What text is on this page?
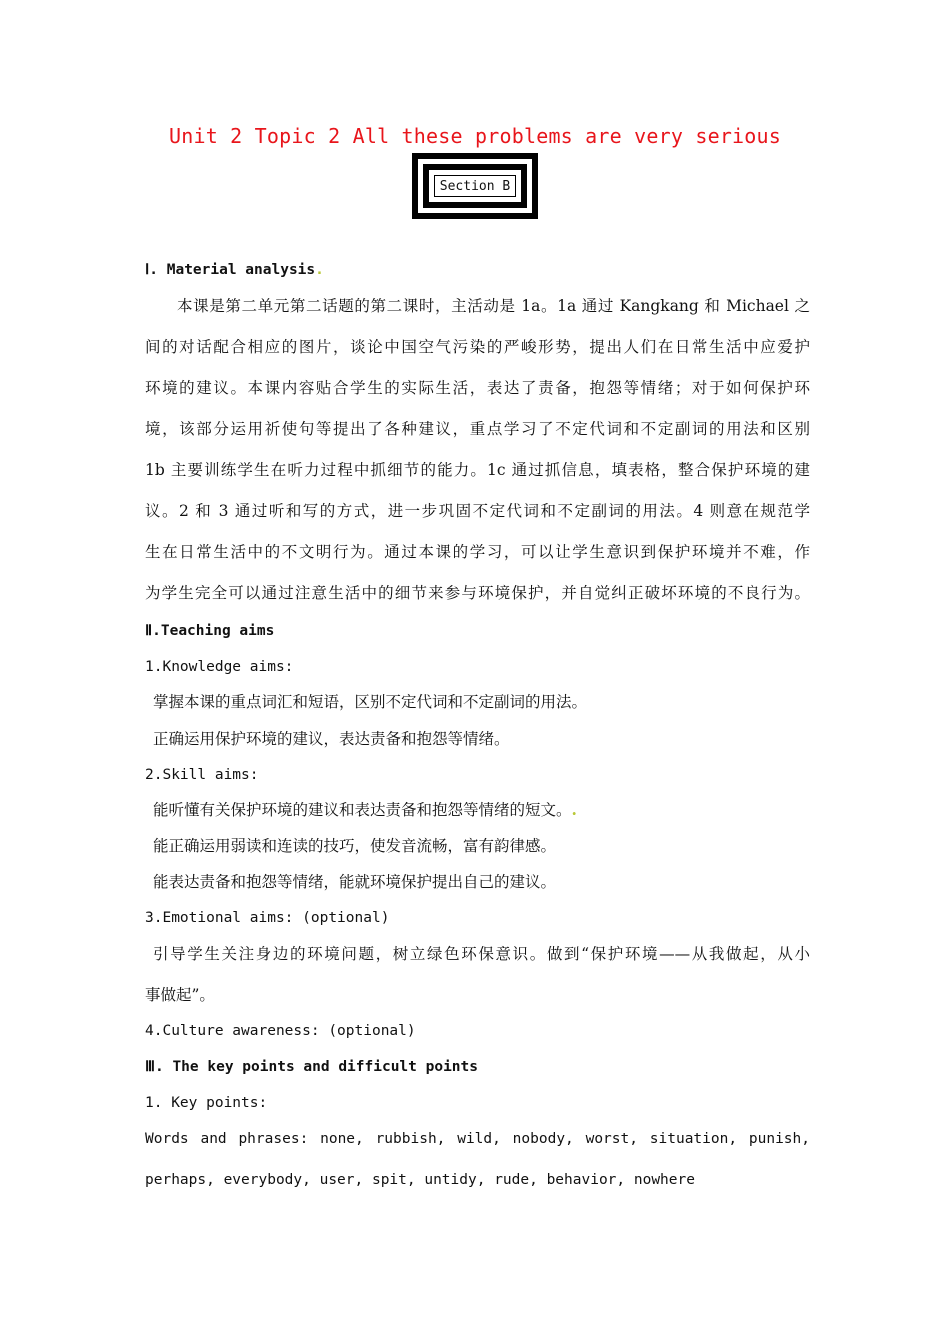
Unit 2 Topic 2 All these problems are very serious
Section B
Ⅰ. Material analysis.
本课是第二单元第二话题的第二课时，主活动是 1a。1a 通过 Kangkang 和 Michael 之
间的对话配合相应的图片，谈论中国空气污染的严峻形势，提出人们在日常生活中应爱护
环境的建议。本课内容贴合学生的实际生活，表达了责备，抱怨等情绪；对于如何保护环
境，该部分运用祈使句等提出了各种建议，重点学习了不定代词和不定副词的用法和区别
1b 主要训练学生在听力过程中抓细节的能力。1c 通过抓信息，填表格，整合保护环境的建
议。2 和 3 通过听和写的方式，进一步巩固不定代词和不定副词的用法。4 则意在规范学
生在日常生活中的不文明行为。通过本课的学习，可以让学生意识到保护环境并不难，作
为学生完全可以通过注意生活中的细节来参与环境保护，并自觉纠正破坏环境的不良行为。
Ⅱ.Teaching aims
1.Knowledge aims:
掌握本课的重点词汇和短语，区别不定代词和不定副词的用法。
正确运用保护环境的建议，表达责备和抱怨等情绪。
2.Skill aims:
能听懂有关保护环境的建议和表达责备和抱怨等情绪的短文。.
能正确运用弱读和连读的技巧，使发音流畅，富有韵律感。
能表达责备和抱怨等情绪，能就环境保护提出自己的建议。
3.Emotional aims: (optional)
引导学生关注身边的环境问题，树立绿色环保意识。做到“保护环境——从我做起，从小
事做起”。
4.Culture awareness: (optional)
Ⅲ. The key points and difficult points
1. Key points:
Words and phrases: none, rubbish, wild, nobody, worst, situation, punish,
perhaps, everybody, user, spit, untidy, rude, behavior, nowhere
